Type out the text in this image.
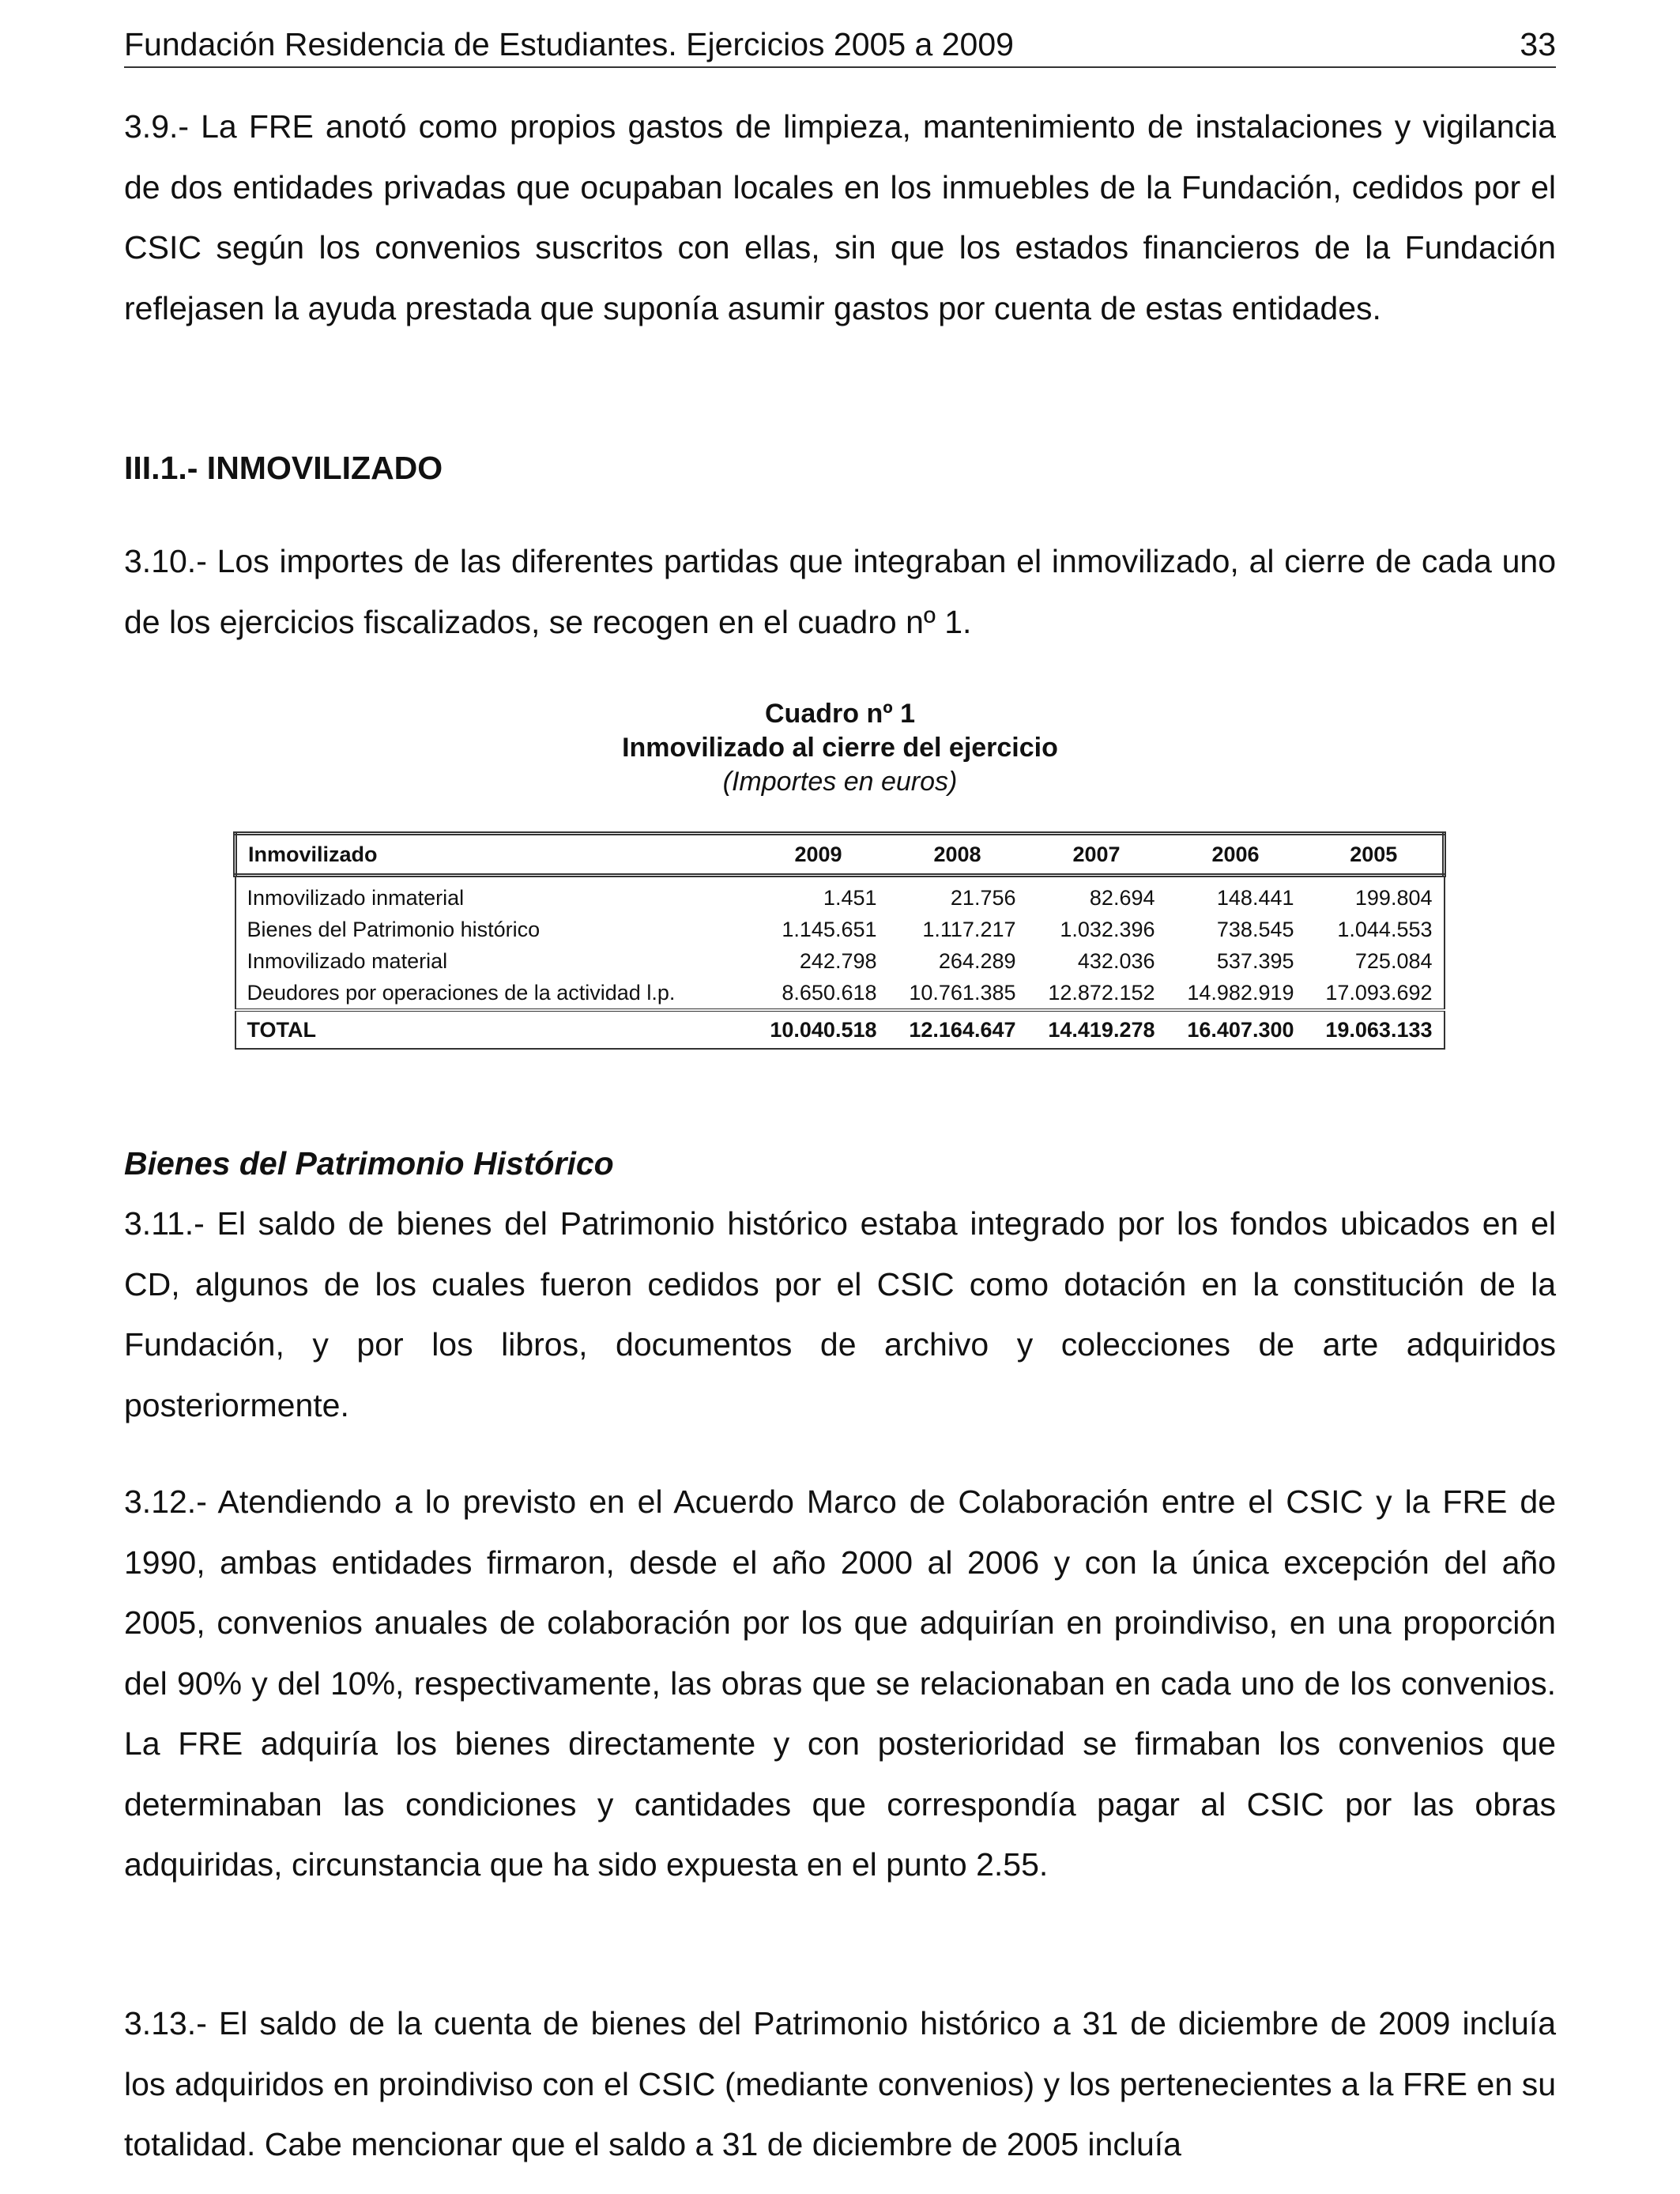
Fundación Residencia de Estudiantes. Ejercicios 2005 a 2009	33

3.9.- La FRE anotó como propios gastos de limpieza, mantenimiento de instalaciones y vigilancia de dos entidades privadas que ocupaban locales en los inmuebles de la Fundación, cedidos por el CSIC según los convenios suscritos con ellas, sin que los estados financieros de la Fundación reflejasen la ayuda prestada que suponía asumir gastos por cuenta de estas entidades.

III.1.- INMOVILIZADO

3.10.- Los importes de las diferentes partidas que integraban el inmovilizado, al cierre de cada uno de los ejercicios fiscalizados, se recogen en el cuadro nº 1.

Cuadro nº 1
Inmovilizado al cierre del ejercicio
(Importes en euros)
Inmovilizado	2009	2008	2007	2006	2005
Inmovilizado inmaterial	1.451	21.756	82.694	148.441	199.804
Bienes del Patrimonio histórico	1.145.651	1.117.217	1.032.396	738.545	1.044.553
Inmovilizado material	242.798	264.289	432.036	537.395	725.084
Deudores por operaciones de la actividad l.p.	8.650.618	10.761.385	12.872.152	14.982.919	17.093.692
TOTAL	10.040.518	12.164.647	14.419.278	16.407.300	19.063.133

Bienes del Patrimonio Histórico

3.11.- El saldo de bienes del Patrimonio histórico estaba integrado por los fondos ubicados en el CD, algunos de los cuales fueron cedidos por el CSIC como dotación en la constitución de la Fundación, y por los libros, documentos de archivo y colecciones de arte adquiridos posteriormente.

3.12.- Atendiendo a lo previsto en el Acuerdo Marco de Colaboración entre el CSIC y la FRE de 1990, ambas entidades firmaron, desde el año 2000 al 2006 y con la única excepción del año 2005, convenios anuales de colaboración por los que adquirían en proindiviso, en una proporción del 90% y del 10%, respectivamente, las obras que se relacionaban en cada uno de los convenios. La FRE adquiría los bienes directamente y con posterioridad se firmaban los convenios que determinaban las condiciones y cantidades que correspondía pagar al CSIC por las obras adquiridas, circunstancia que ha sido expuesta en el punto 2.55.

3.13.- El saldo de la cuenta de bienes del Patrimonio histórico a 31 de diciembre de 2009 incluía los adquiridos en proindiviso con el CSIC (mediante convenios) y los pertenecientes a la FRE en su totalidad. Cabe mencionar que el saldo a 31 de diciembre de 2005 incluía
